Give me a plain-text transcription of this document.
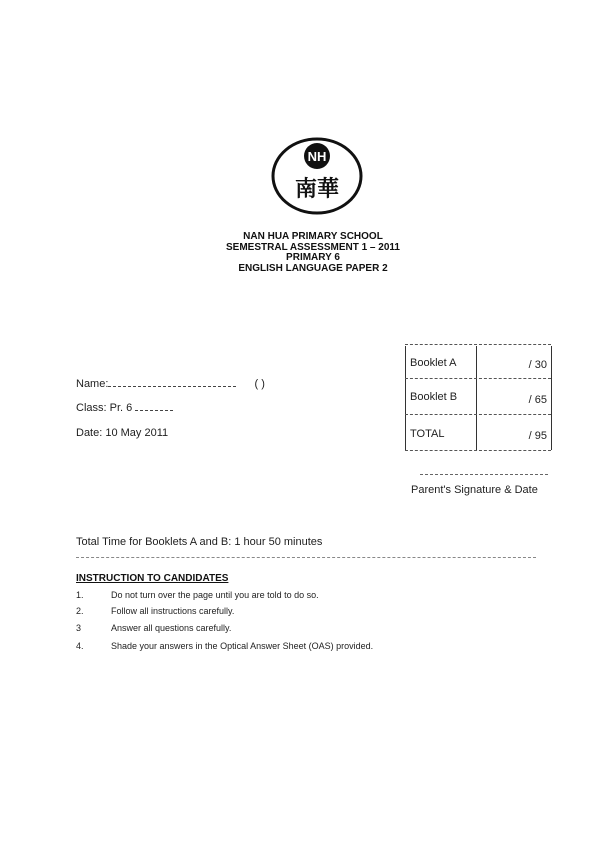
NH
南華
NAN HUA PRIMARY SCHOOL
SEMESTRAL ASSESSMENT 1 – 2011
PRIMARY 6
ENGLISH LANGUAGE PAPER 2
Name:	( )
Class: Pr. 6
Date: 10 May 2011
Booklet A	/ 30
Booklet B	/ 65
TOTAL	/ 95
Parent's Signature & Date
Total Time for Booklets A and B: 1 hour 50 minutes
INSTRUCTION TO CANDIDATES
1.	Do not turn over the page until you are told to do so.
2.	Follow all instructions carefully.
3	Answer all questions carefully.
4.	Shade your answers in the Optical Answer Sheet (OAS) provided.
